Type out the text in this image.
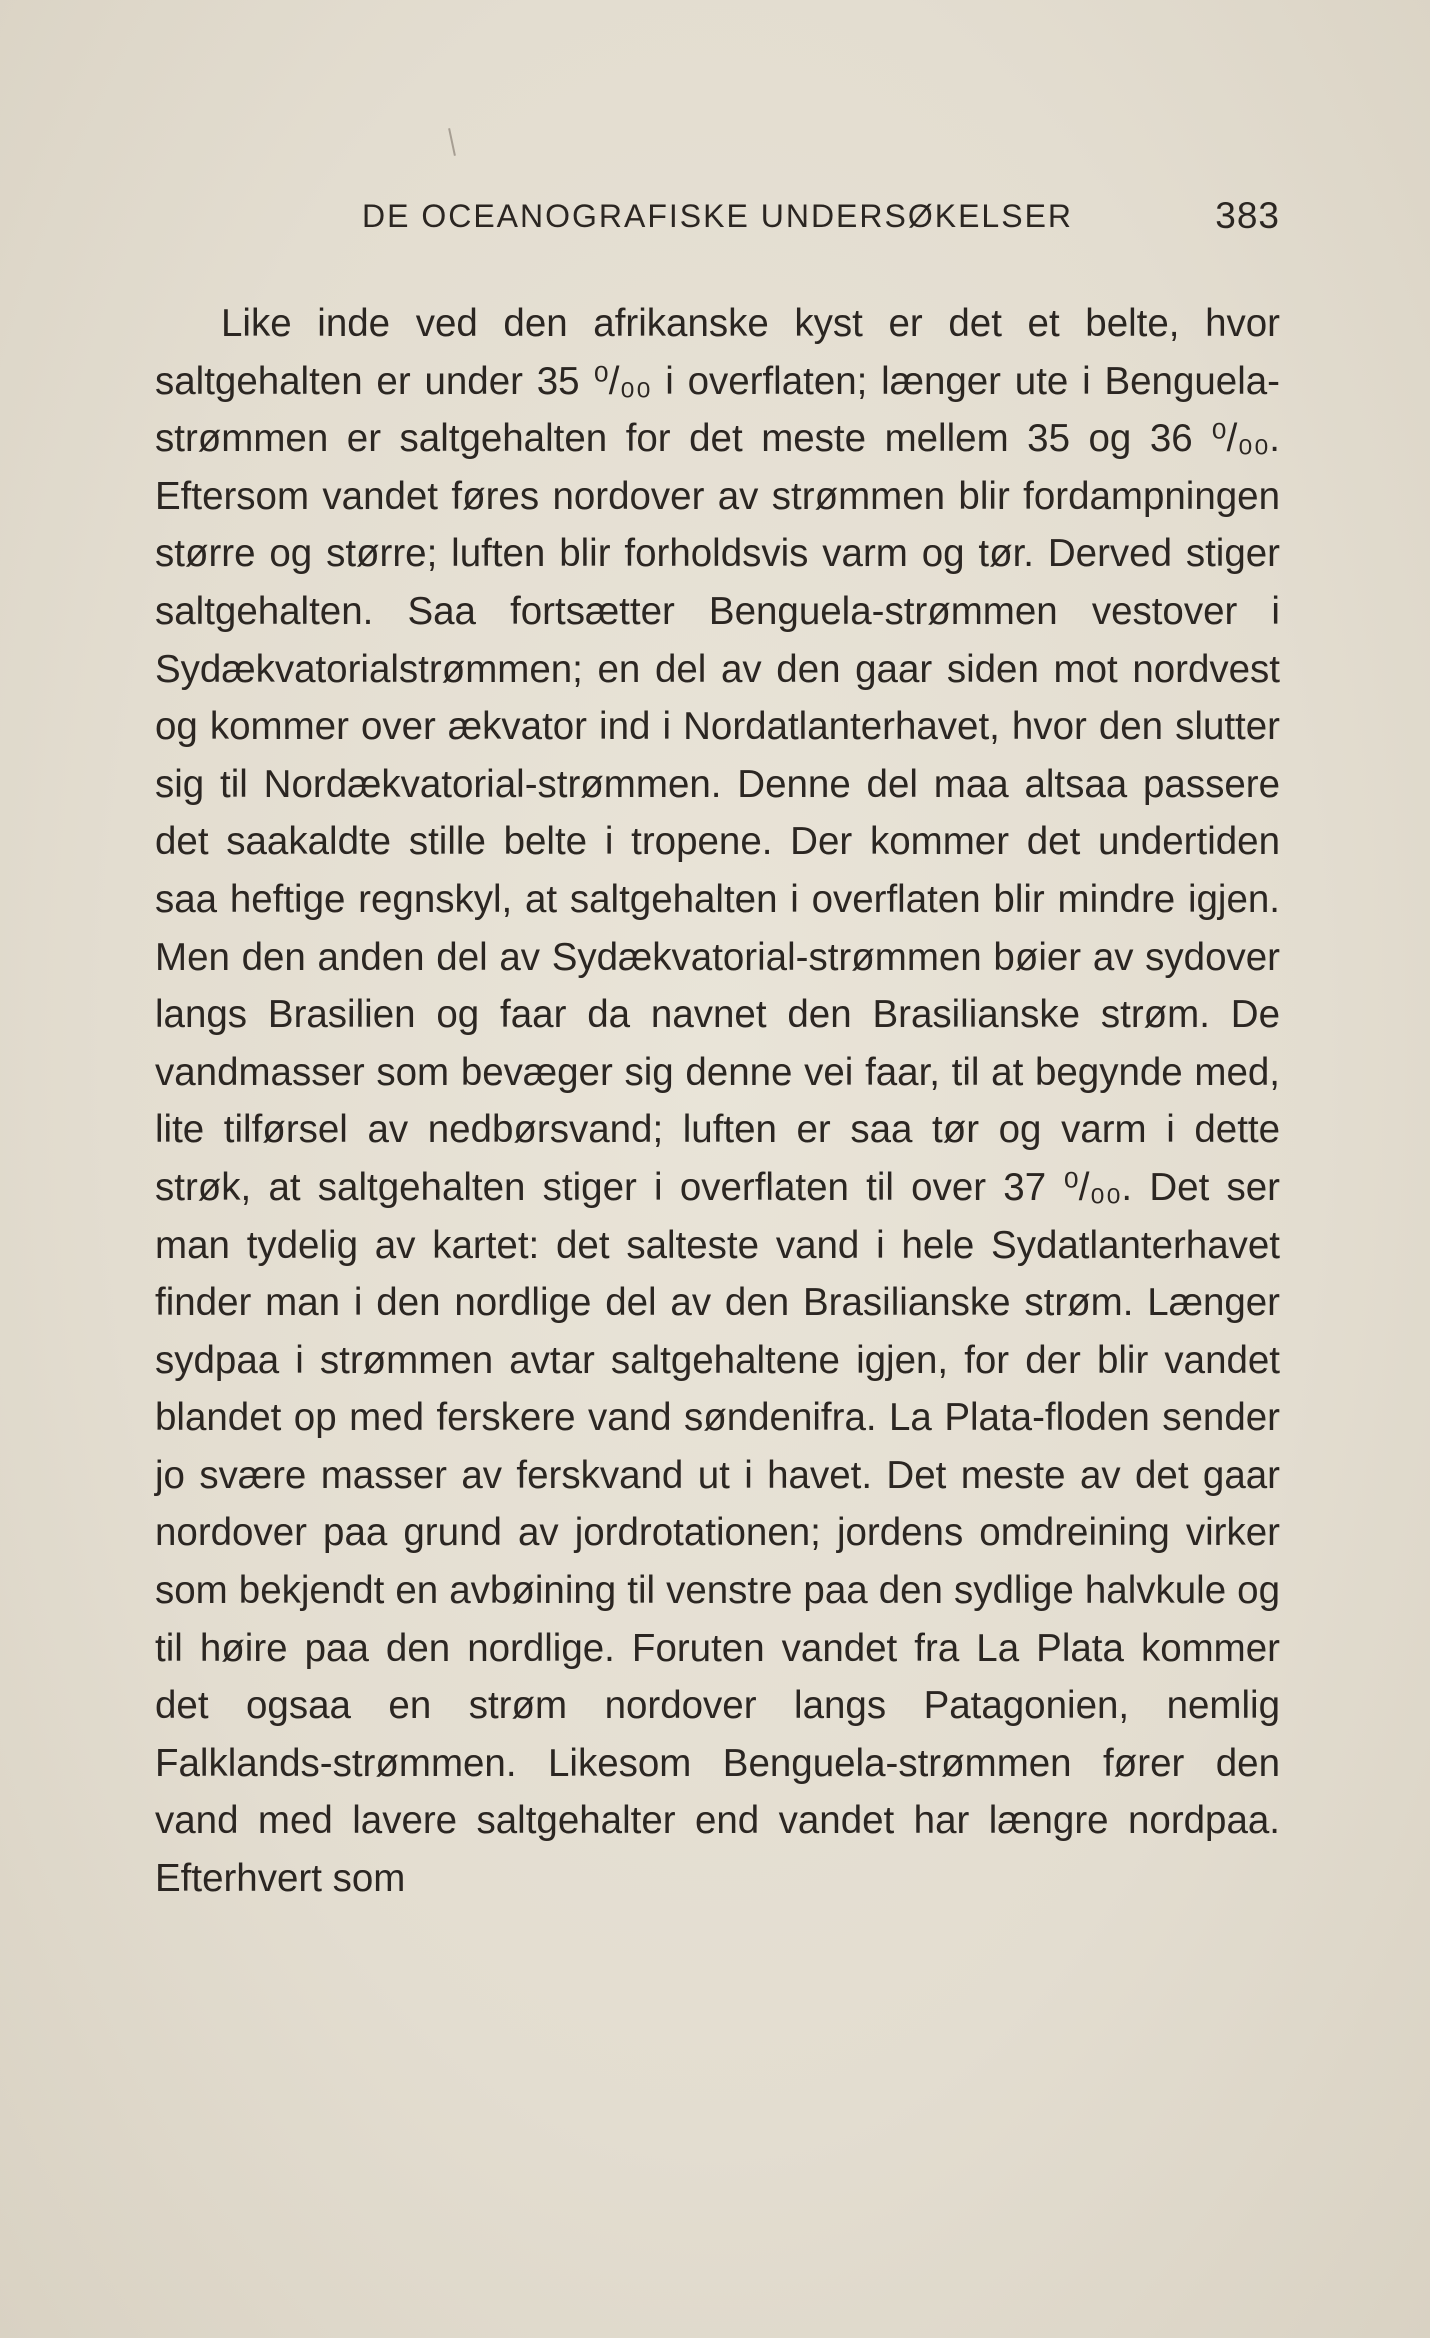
DE OCEANOGRAFISKE UNDERSØKELSER	383

Like inde ved den afrikanske kyst er det et belte, hvor saltgehalten er under 35 ⁰/₀₀ i overflaten; længer ute i Benguela-strømmen er saltgehalten for det meste mellem 35 og 36 ⁰/₀₀. Eftersom vandet føres nordover av strømmen blir fordampningen større og større; luften blir forholdsvis varm og tør. Derved stiger saltgehalten. Saa fortsætter Benguela-strømmen vestover i Sydækvatorialstrømmen; en del av den gaar siden mot nordvest og kommer over ækvator ind i Nordatlanterhavet, hvor den slutter sig til Nordækvatorial-strømmen. Denne del maa altsaa passere det saakaldte stille belte i tropene. Der kommer det undertiden saa heftige regnskyl, at saltgehalten i overflaten blir mindre igjen. Men den anden del av Sydækvatorial-strømmen bøier av sydover langs Brasilien og faar da navnet den Brasilianske strøm. De vandmasser som bevæger sig denne vei faar, til at begynde med, lite tilførsel av nedbørsvand; luften er saa tør og varm i dette strøk, at saltgehalten stiger i overflaten til over 37 ⁰/₀₀. Det ser man tydelig av kartet: det salteste vand i hele Sydatlanterhavet finder man i den nordlige del av den Brasilianske strøm. Længer sydpaa i strømmen avtar saltgehaltene igjen, for der blir vandet blandet op med ferskere vand søndenifra. La Plata-floden sender jo svære masser av ferskvand ut i havet. Det meste av det gaar nordover paa grund av jordrotationen; jordens omdreining virker som bekjendt en avbøining til venstre paa den sydlige halvkule og til høire paa den nordlige. Foruten vandet fra La Plata kommer det ogsaa en strøm nordover langs Patagonien, nemlig Falklands-strømmen. Likesom Benguela-strømmen fører den vand med lavere saltgehalter end vandet har længre nordpaa. Efterhvert som
